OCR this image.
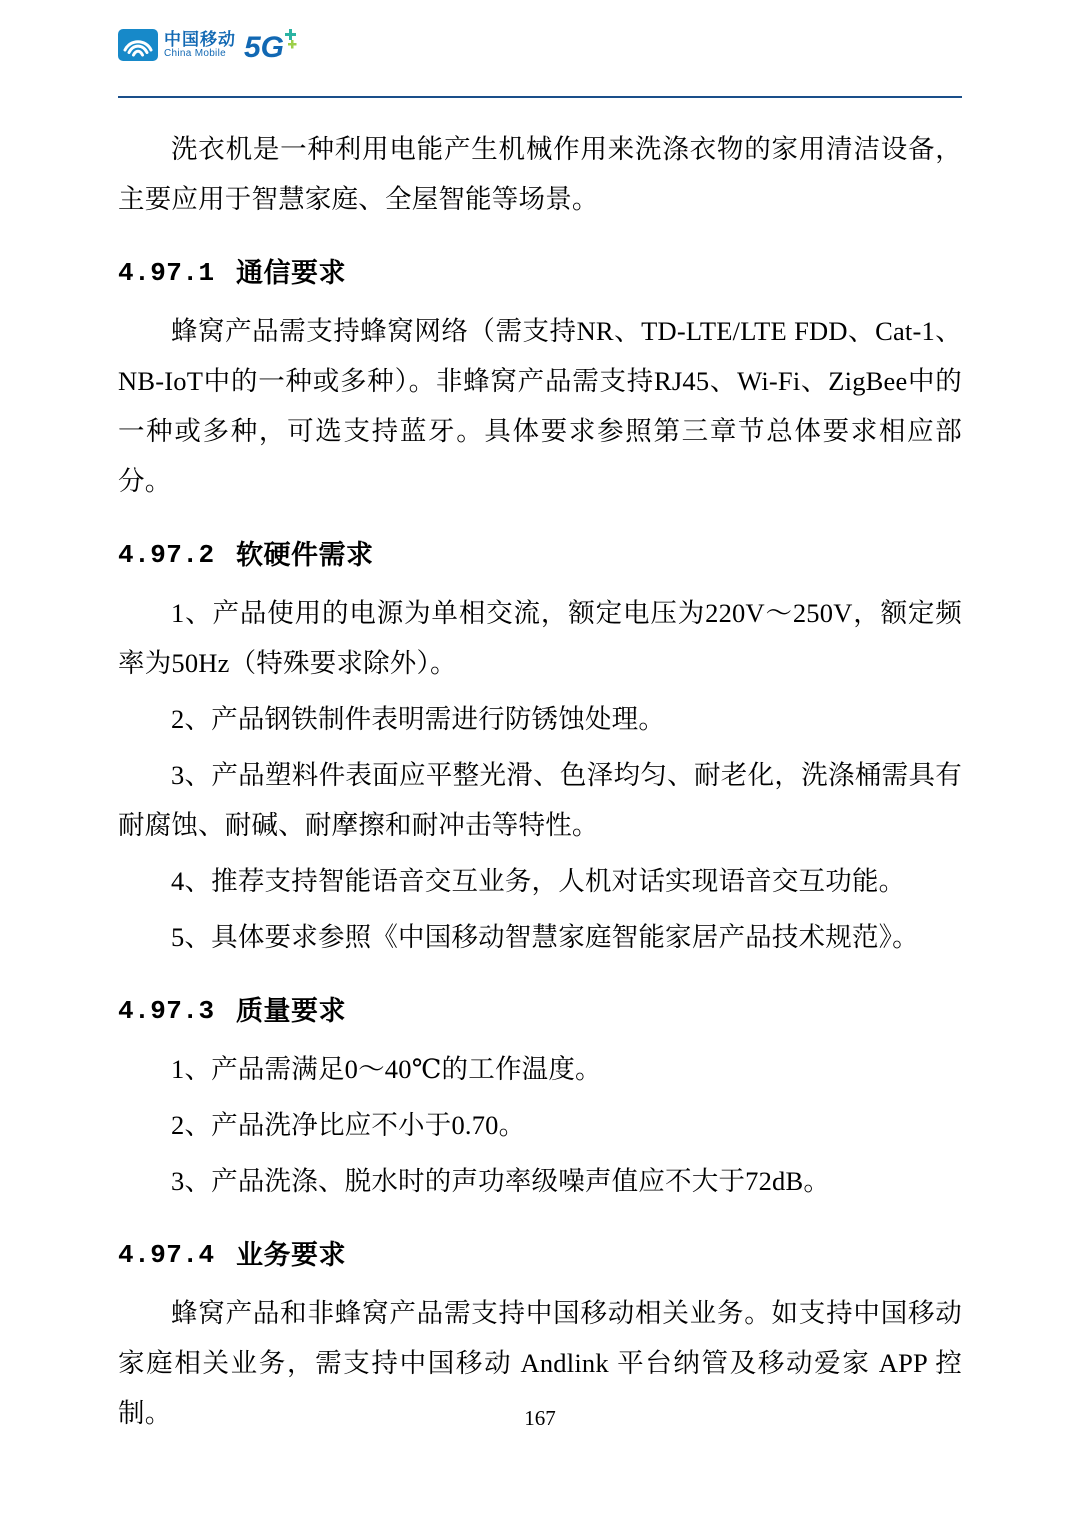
中国移动
China Mobile 5G

洗衣机是一种利用电能产生机械作用来洗涤衣物的家用清洁设备，主要应用于智慧家庭、全屋智能等场景。

4.97.1 通信要求

蜂窝产品需支持蜂窝网络（需支持NR、TD-LTE/LTE FDD、Cat-1、NB-IoT中的一种或多种）。非蜂窝产品需支持RJ45、Wi-Fi、ZigBee中的一种或多种，可选支持蓝牙。具体要求参照第三章节总体要求相应部分。

4.97.2 软硬件需求

1、产品使用的电源为单相交流，额定电压为220V～250V，额定频率为50Hz（特殊要求除外）。

2、产品钢铁制件表明需进行防锈蚀处理。

3、产品塑料件表面应平整光滑、色泽均匀、耐老化，洗涤桶需具有耐腐蚀、耐碱、耐摩擦和耐冲击等特性。

4、推荐支持智能语音交互业务，人机对话实现语音交互功能。

5、具体要求参照《中国移动智慧家庭智能家居产品技术规范》。

4.97.3 质量要求

1、产品需满足0～40℃的工作温度。

2、产品洗净比应不小于0.70。

3、产品洗涤、脱水时的声功率级噪声值应不大于72dB。

4.97.4 业务要求

蜂窝产品和非蜂窝产品需支持中国移动相关业务。如支持中国移动家庭相关业务，需支持中国移动 Andlink 平台纳管及移动爱家 APP 控制。	167
